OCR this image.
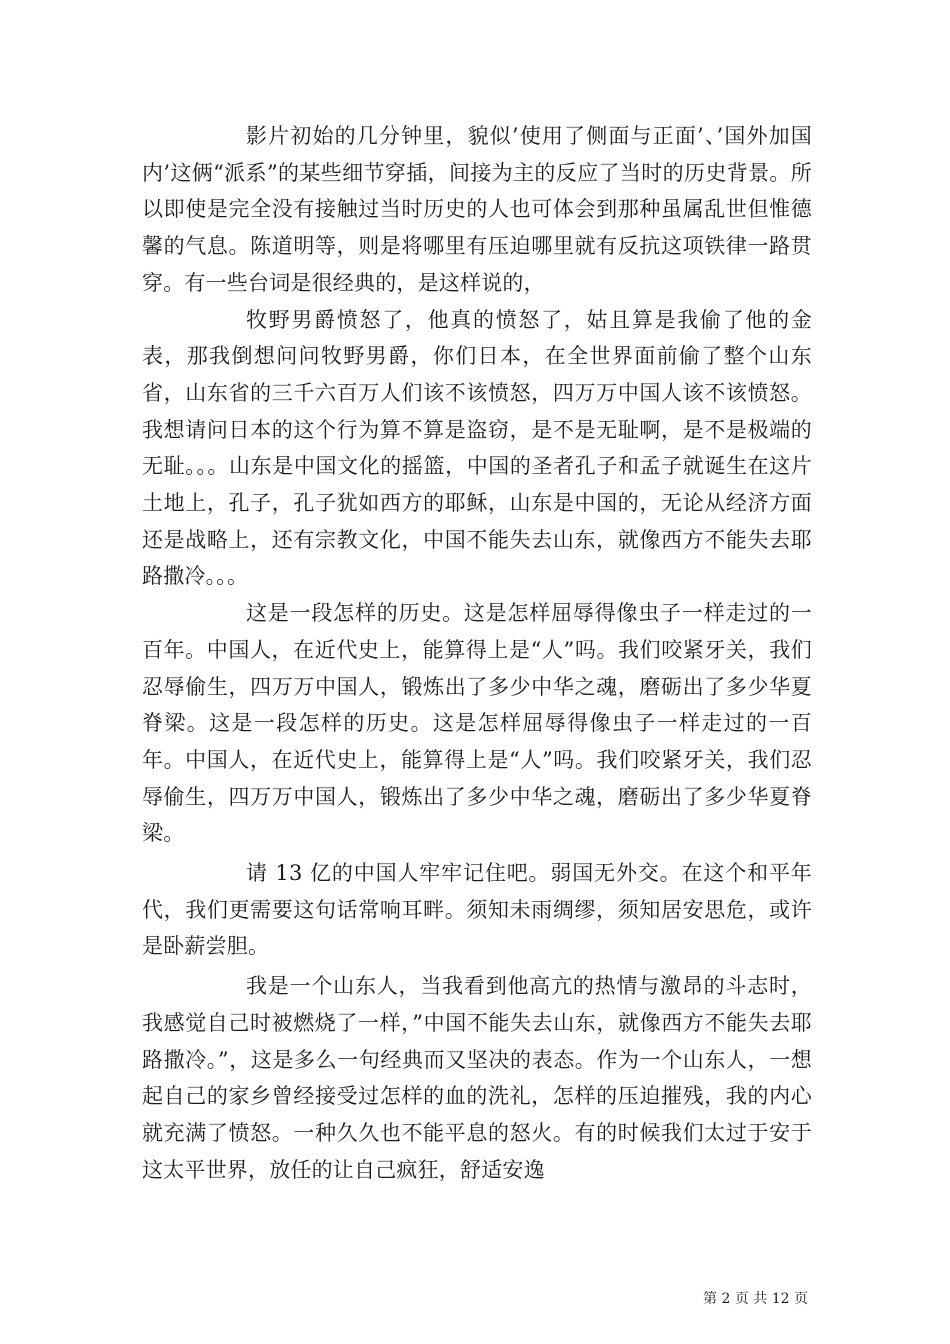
影片初始的几分钟里，貌似’使用了侧面与正面’、’国外加国内’这俩“派系”的某些细节穿插，间接为主的反应了当时的历史背景。所以即使是完全没有接触过当时历史的人也可体会到那种虽属乱世但惟德馨的气息。陈道明等，则是将哪里有压迫哪里就有反抗这项铁律一路贯穿。有一些台词是很经典的，是这样说的，

牧野男爵愤怒了，他真的愤怒了，姑且算是我偷了他的金表，那我倒想问问牧野男爵，你们日本，在全世界面前偷了整个山东省，山东省的三千六百万人们该不该愤怒，四万万中国人该不该愤怒。我想请问日本的这个行为算不算是盗窃，是不是无耻啊，是不是极端的无耻。。。山东是中国文化的摇篮，中国的圣者孔子和孟子就诞生在这片土地上，孔子，孔子犹如西方的耶稣，山东是中国的，无论从经济方面还是战略上，还有宗教文化，中国不能失去山东，就像西方不能失去耶路撒冷。。。

这是一段怎样的历史。这是怎样屈辱得像虫子一样走过的一百年。中国人，在近代史上，能算得上是“人”吗。我们咬紧牙关，我们忍辱偷生，四万万中国人，锻炼出了多少中华之魂，磨砺出了多少华夏脊梁。这是一段怎样的历史。这是怎样屈辱得像虫子一样走过的一百年。中国人，在近代史上，能算得上是“人”吗。我们咬紧牙关，我们忍辱偷生，四万万中国人，锻炼出了多少中华之魂，磨砺出了多少华夏脊梁。

请 13 亿的中国人牢牢记住吧。弱国无外交。在这个和平年代，我们更需要这句话常响耳畔。须知未雨绸缪，须知居安思危，或许是卧薪尝胆。

我是一个山东人，当我看到他高亢的热情与激昂的斗志时，我感觉自己时被燃烧了一样，”中国不能失去山东，就像西方不能失去耶路撒冷。”，这是多么一句经典而又坚决的表态。作为一个山东人，一想起自己的家乡曾经接受过怎样的血的洗礼，怎样的压迫摧残，我的内心就充满了愤怒。一种久久也不能平息的怒火。有的时候我们太过于安于这太平世界，放任的让自己疯狂，舒适安逸

第 2 页 共 12 页
